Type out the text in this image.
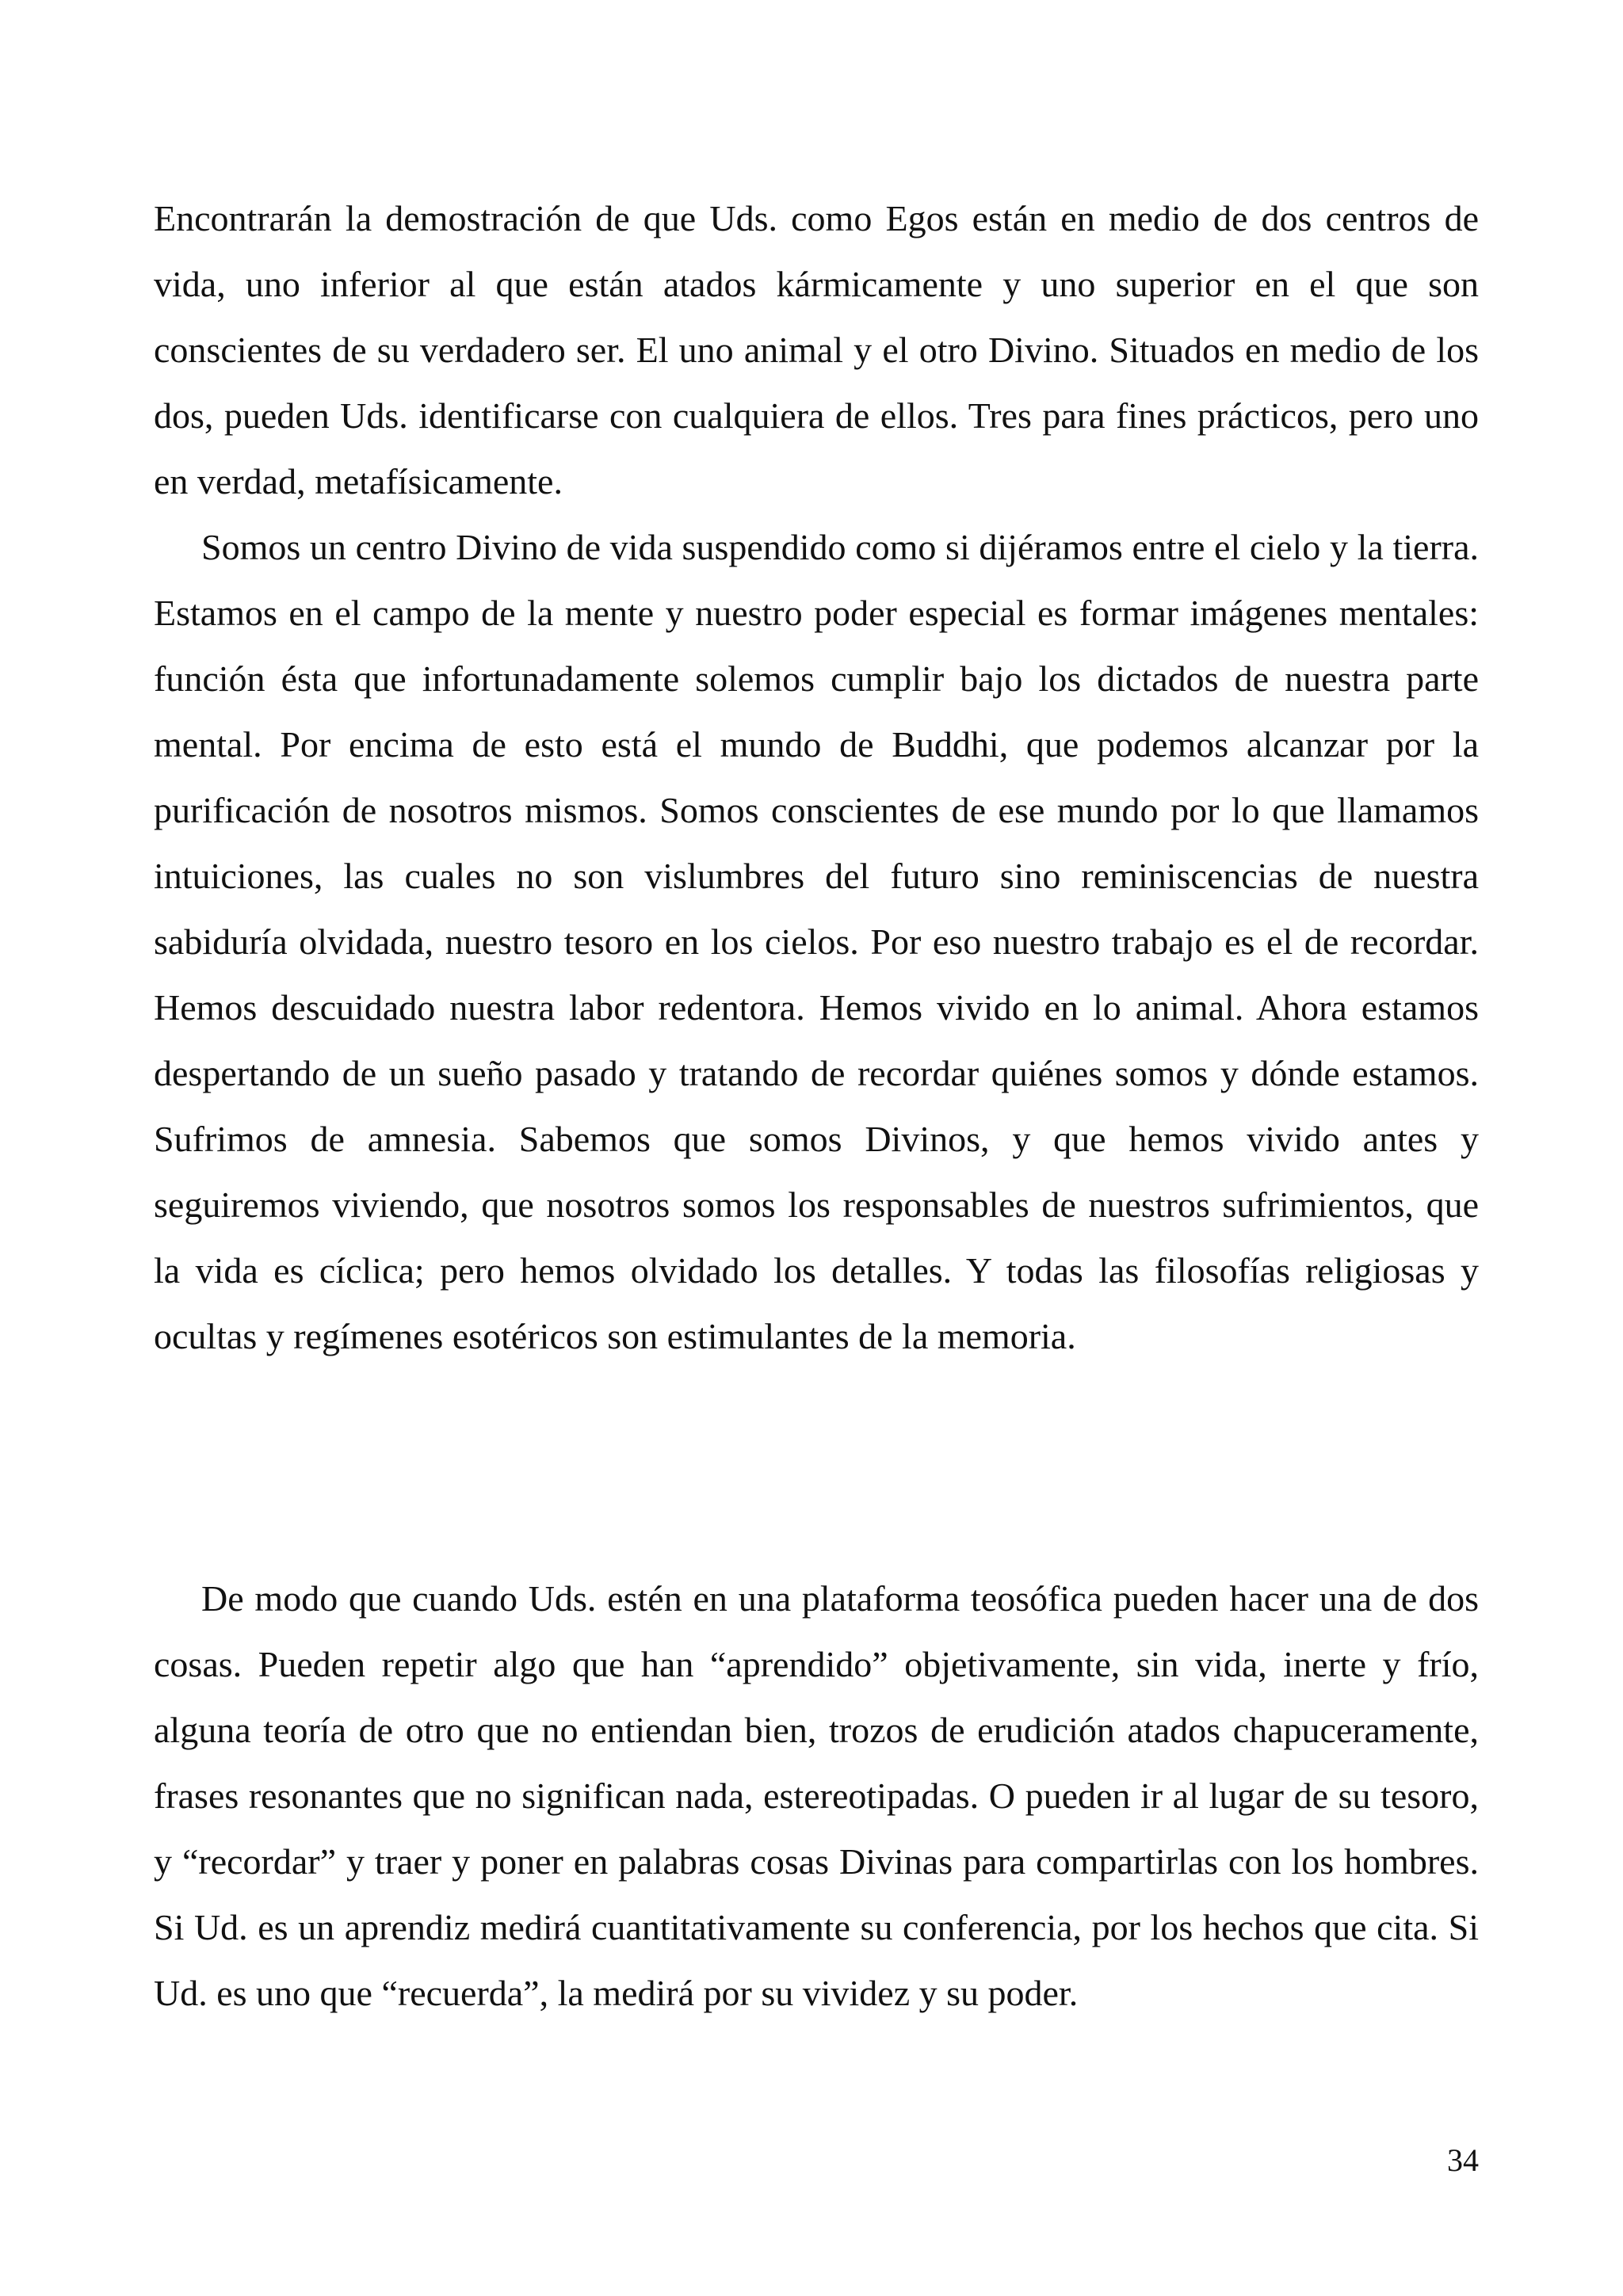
Encontrarán la demostración de que Uds. como Egos están en medio de dos centros de vida, uno inferior al que están atados kármicamente y uno superior en el que son conscientes de su verdadero ser. El uno animal y el otro Divino. Situados en medio de los dos, pueden Uds. identificarse con cualquiera de ellos. Tres para fines prácticos, pero uno en verdad, metafísicamente.

Somos un centro Divino de vida suspendido como si dijéramos entre el cielo y la tierra. Estamos en el campo de la mente y nuestro poder especial es formar imágenes mentales: función ésta que infortunadamente solemos cumplir bajo los dictados de nuestra parte mental. Por encima de esto está el mundo de Buddhi, que podemos alcanzar por la purificación de nosotros mismos. Somos conscientes de ese mundo por lo que llamamos intuiciones, las cuales no son vislumbres del futuro sino reminiscencias de nuestra sabiduría olvidada, nuestro tesoro en los cielos. Por eso nuestro trabajo es el de recordar. Hemos descuidado nuestra labor redentora. Hemos vivido en lo animal. Ahora estamos despertando de un sueño pasado y tratando de recordar quiénes somos y dónde estamos. Sufrimos de amnesia. Sabemos que somos Divinos, y que hemos vivido antes y seguiremos viviendo, que nosotros somos los responsables de nuestros sufrimientos, que la vida es cíclica; pero hemos olvidado los detalles. Y todas las filosofías religiosas y ocultas y regímenes esotéricos son estimulantes de la memoria.

De modo que cuando Uds. estén en una plataforma teosófica pueden hacer una de dos cosas. Pueden repetir algo que han “aprendido” objetivamente, sin vida, inerte y frío, alguna teoría de otro que no entiendan bien, trozos de erudición atados chapuceramente, frases resonantes que no significan nada, estereotipadas. O pueden ir al lugar de su tesoro, y “recordar” y traer y poner en palabras cosas Divinas para compartirlas con los hombres. Si Ud. es un aprendiz medirá cuantitativamente su conferencia, por los hechos que cita. Si Ud. es uno que “recuerda”, la medirá por su vividez y su poder.

34
